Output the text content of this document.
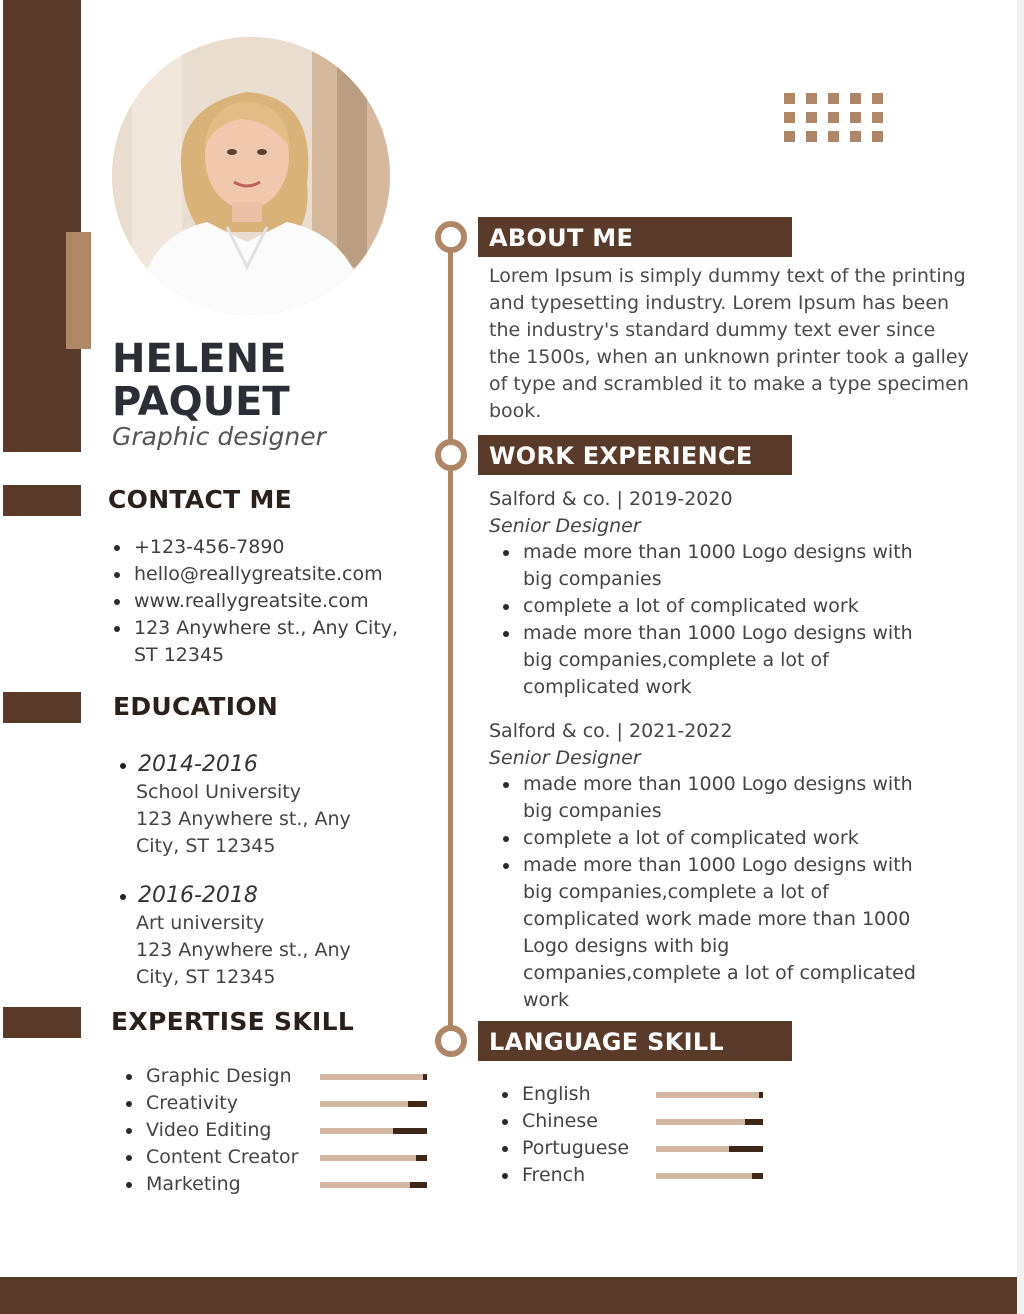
HELENE
PAQUET
Graphic designer
CONTACT ME
+123-456-7890
hello@reallygreatsite.com
www.reallygreatsite.com
123 Anywhere st., Any City, ST 12345
EDUCATION
2014-2016
School University
123 Anywhere st., Any City, ST 12345
2016-2018
Art university
123 Anywhere st., Any City, ST 12345
EXPERTISE SKILL
Graphic Design
Creativity
Video Editing
Content Creator
Marketing
ABOUT ME
Lorem Ipsum is simply dummy text of the printing and typesetting industry. Lorem Ipsum has been the industry's standard dummy text ever since the 1500s, when an unknown printer took a galley of type and scrambled it to make a type specimen book.
WORK EXPERIENCE
Salford & co. | 2019-2020
Senior Designer
made more than 1000 Logo designs with big companies
complete a lot of complicated work
made more than 1000 Logo designs with big companies,complete a lot of complicated work
Salford & co. | 2021-2022
Senior Designer
made more than 1000 Logo designs with big companies
complete a lot of complicated work
made more than 1000 Logo designs with big companies,complete a lot of complicated work made more than 1000 Logo designs with big companies,complete a lot of complicated work
LANGUAGE SKILL
English
Chinese
Portuguese
French
